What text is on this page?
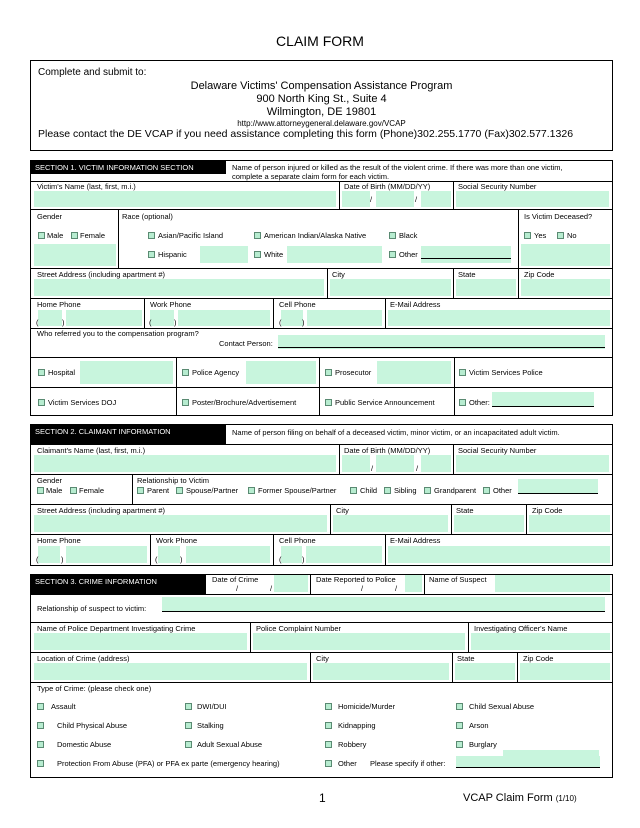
CLAIM FORM
Complete and submit to:
Delaware Victims' Compensation Assistance Program
900 North King St., Suite 4
Wilmington, DE 19801
http://www.attorneygeneral.delaware.gov/VCAP
Please contact the DE VCAP if you need assistance completing this form (Phone)302.255.1770 (Fax)302.577.1326
SECTION 1. VICTIM INFORMATION SECTION	Name of person injured or killed as the result of the violent crime. If there was more than one victim,
complete a separate claim form for each victim.
Victim's Name (last, first, m.i.)	Date of Birth (MM/DD/YY)	Social Security Number
/	/
Gender	Race (optional)	Is Victim Deceased?
Male Female	Asian/Pacific Island	American Indian/Alaska Native	Black
Hispanic	White	Other
Yes	No
Street Address (including apartment #)	City	State	Zip Code
Home Phone	Work Phone	Cell Phone	E-Mail Address
(	)	(	)	(	)
Who referred you to the compensation program?
Contact Person:
Hospital	Police Agency	Prosecutor	Victim Services Police
Victim Services DOJ	Poster/Brochure/Advertisement	Public Service Announcement	Other:
SECTION 2. CLAIMANT INFORMATION	Name of person filing on behalf of a deceased victim, minor victim, or an incapacitated adult victim.
Claimant's Name (last, first, m.i.)	Date of Birth (MM/DD/YY)	Social Security Number
/	/
Gender	Relationship to Victim
Male Female	Parent Spouse/Partner	Former Spouse/Partner	Child Sibling Grandparent Other
Street Address (including apartment #)	City	State	Zip Code
Home Phone	Work Phone	Cell Phone	E-Mail Address
(	)	(	)	(	)
SECTION 3. CRIME INFORMATION	Date of Crime	Date Reported to Police	Name of Suspect
/	/	/	/
Relationship of suspect to victim:
Name of Police Department Investigating Crime	Police Complaint Number	Investigating Officer's Name
Location of Crime (address)	City	State	Zip Code
Type of Crime: (please check one)
Assault	DWI/DUI	Homicide/Murder	Child Sexual Abuse
Child Physical Abuse	Stalking	Kidnapping	Arson
Domestic Abuse	Adult Sexual Abuse	Robbery	Burglary
Protection From Abuse (PFA) or PFA ex parte (emergency hearing)	Other Please specify if other:
1	VCAP Claim Form (1/10)
